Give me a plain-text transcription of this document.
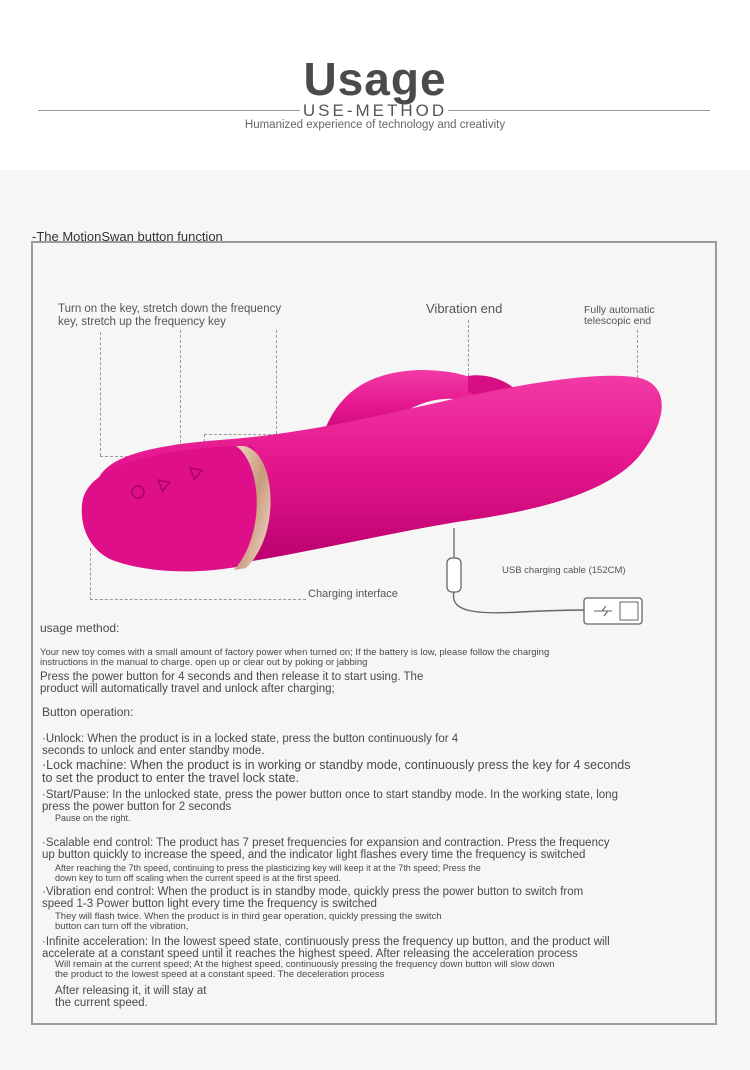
Usage
USE-METHOD
Humanized experience of technology and creativity
-The MotionSwan button function
Turn on the key, stretch down the frequency
key, stretch up the frequency key
Vibration end	Fully automatic
telescopic end
Charging interface
USB charging cable (152CM)
usage method:
Your new toy comes with a small amount of factory power when turned on; If the battery is low, please follow the charging
instructions in the manual to charge. open up or clear out by poking or jabbing
Press the power button for 4 seconds and then release it to start using. The
product will automatically travel and unlock after charging;
Button operation:
·Unlock: When the product is in a locked state, press the button continuously for 4
seconds to unlock and enter standby mode.
·Lock machine: When the product is in working or standby mode, continuously press the key for 4 seconds
to set the product to enter the travel lock state.
·Start/Pause: In the unlocked state, press the power button once to start standby mode. In the working state, long
press the power button for 2 seconds
Pause on the right.
·Scalable end control: The product has 7 preset frequencies for expansion and contraction. Press the frequency
up button quickly to increase the speed, and the indicator light flashes every time the frequency is switched
After reaching the 7th speed, continuing to press the plasticizing key will keep it at the 7th speed; Press the
down key to turn off scaling when the current speed is at the first speed.
·Vibration end control: When the product is in standby mode, quickly press the power button to switch from
speed 1-3 Power button light every time the frequency is switched
They will flash twice. When the product is in third gear operation, quickly pressing the switch
button can turn off the vibration,
·Infinite acceleration: In the lowest speed state, continuously press the frequency up button, and the product will
accelerate at a constant speed until it reaches the highest speed. After releasing the acceleration process
Will remain at the current speed; At the highest speed, continuously pressing the frequency down button will slow down
the product to the lowest speed at a constant speed. The deceleration process
After releasing it, it will stay at
the current speed.
